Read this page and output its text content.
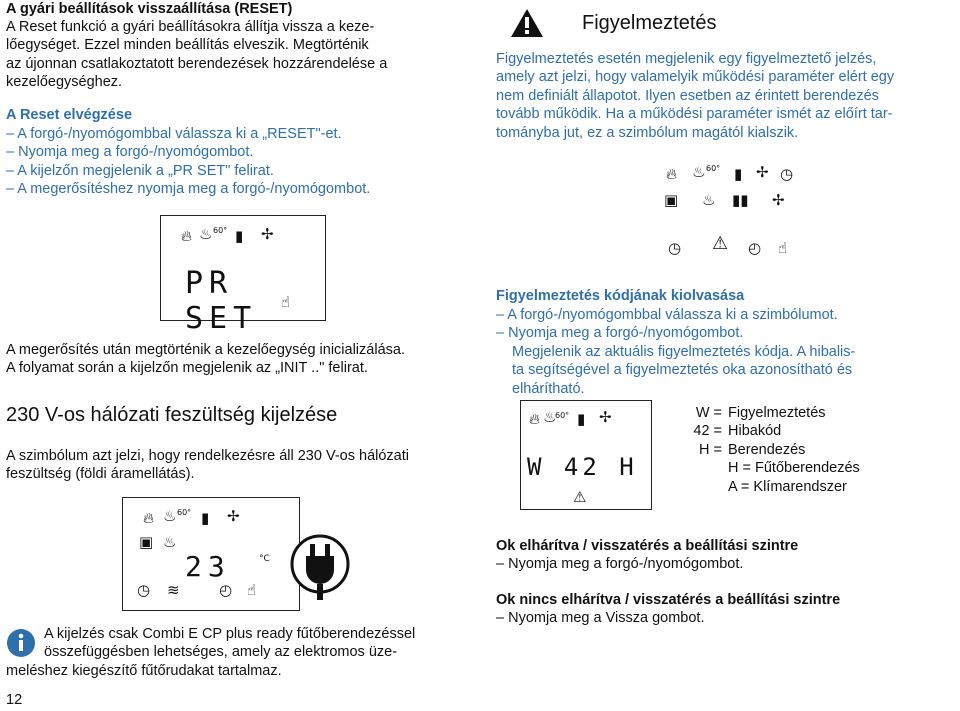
A gyári beállítások visszaállítása (RESET)
A Reset funkció a gyári beállításokra állítja vissza a keze-
lőegységet. Ezzel minden beállítás elveszik. Megtörténik
az újonnan csatlakoztatott berendezések hozzárendelése a
kezelőegységhez.
A Reset elvégzése
– A forgó-/nyomógombbal válassza ki a „RESET"-et.
– Nyomja meg a forgó-/nyomógombot.
– A kijelzőn megjelenik a „PR SET" felirat.
– A megerősítéshez nyomja meg a forgó-/nyomógombot.
🔥︎ ♨ 60° ▮ ✢
PR SET	☝
A megerősítés után megtörténik a kezelőegység inicializálása.
A folyamat során a kijelzőn megjelenik az „INIT .." felirat.
230 V-os hálózati feszültség kijelzése
A szimbólum azt jelzi, hogy rendelkezésre áll 230 V-os hálózati
feszültség (földi áramellátás).
🔥︎ ♨ 60° ▮ ✢
▣ ♨
23	°C
◷ ≋	◴ ☝
A kijelzés csak Combi E CP plus ready fűtőberendezéssel
összefüggésben lehetséges, amely az elektromos üze-
meléshez kiegészítő fűtőrudakat tartalmaz.
12
Figyelmeztetés
Figyelmeztetés esetén megjelenik egy figyelmeztető jelzés,
amely azt jelzi, hogy valamelyik működési paraméter elért egy
nem definiált állapotot. Ilyen esetben az érintett berendezés
tovább működik. Ha a működési paraméter ismét az előírt tar-
tományba jut, ez a szimbólum magától kialszik.
🔥︎ ♨ 60° ▮ ✢ ◷
▣ ♨ ▮▮ ✢
◷ ⚠ ◴ ☝
Figyelmeztetés kódjának kiolvasása
– A forgó-/nyomógombbal válassza ki a szimbólumot.
– Nyomja meg a forgó-/nyomógombot.
Megjelenik az aktuális figyelmeztetés kódja. A hibalis-
ta segítségével a figyelmeztetés oka azonosítható és
elhárítható.
🔥︎ ♨
60° ▮ ✢
W 42 H
⚠
W = Figyelmeztetés
42 = Hibakód
H = Berendezés
H = Fűtőberendezés
A = Klímarendszer
Ok elhárítva / visszatérés a beállítási szintre
– Nyomja meg a forgó-/nyomógombot.
Ok nincs elhárítva / visszatérés a beállítási szintre
– Nyomja meg a Vissza gombot.
